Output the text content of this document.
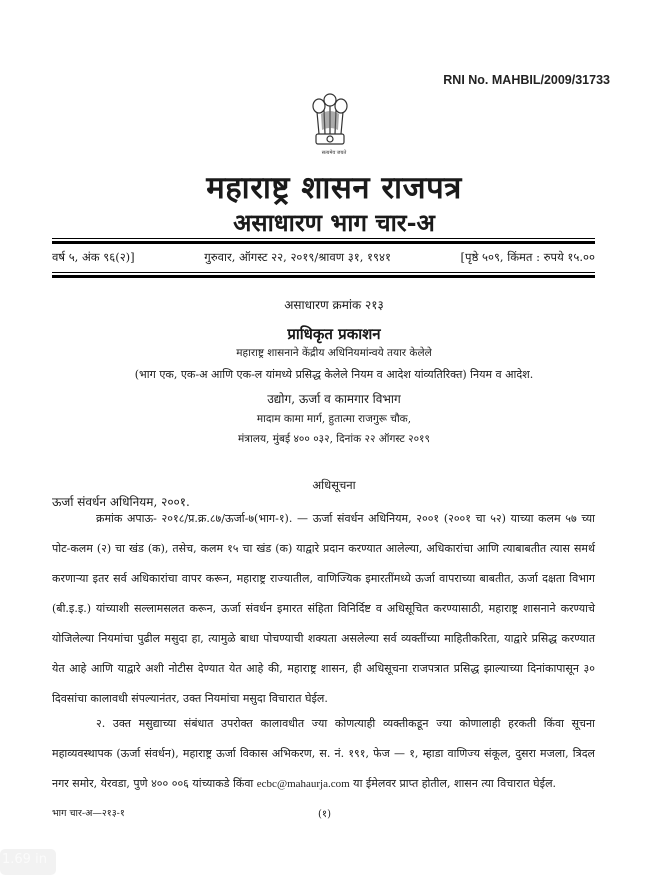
RNI No. MAHBIL/2009/31733
सत्यमेव जयते
महाराष्ट्र शासन राजपत्र
असाधारण भाग चार-अ
वर्ष ५, अंक ९६(२)]	गुरुवार, ऑगस्ट २२, २०१९/श्रावण ३१, १९४१	[पृष्ठे ५०९, किंमत : रुपये १५.००
असाधारण क्रमांक २१३
प्राधिकृत प्रकाशन
महाराष्ट्र शासनाने केंद्रीय अधिनियमांन्वये तयार केलेले
(भाग एक, एक-अ आणि एक-ल यांमध्ये प्रसिद्ध केलेले नियम व आदेश यांव्यतिरिक्त) नियम व आदेश.
उद्योग, ऊर्जा व कामगार विभाग
मादाम कामा मार्ग, हुतात्मा राजगुरू चौक,
मंत्रालय, मुंबई ४०० ०३२, दिनांक २२ ऑगस्ट २०१९
अधिसूचना
ऊर्जा संवर्धन अधिनियम, २००१.
क्रमांक अपाऊ- २०१८/प्र.क्र.८७/ऊर्जा-७(भाग-१). — ऊर्जा संवर्धन अधिनियम, २००१ (२००१ चा ५२) याच्या कलम ५७ च्या पोट-कलम (२) चा खंड (क), तसेच, कलम १५ चा खंड (क) याद्वारे प्रदान करण्यात आलेल्या, अधिकारांचा आणि त्याबाबतीत त्यास समर्थ करणाऱ्या इतर सर्व अधिकारांचा वापर करून, महाराष्ट्र राज्यातील, वाणिज्यिक इमारतींमध्ये ऊर्जा वापराच्या बाबतीत, ऊर्जा दक्षता विभाग (बी.इ.इ.) यांच्याशी सल्लामसलत करून, ऊर्जा संवर्धन इमारत संहिता विनिर्दिष्ट व अधिसूचित करण्यासाठी, महाराष्ट्र शासनाने करण्याचे योजिलेल्या नियमांचा पुढील मसुदा हा, त्यामुळे बाधा पोचण्याची शक्यता असलेल्या सर्व व्यक्तींच्या माहितीकरिता, याद्वारे प्रसिद्ध करण्यात येत आहे आणि याद्वारे अशी नोटीस देण्यात येत आहे की, महाराष्ट्र शासन, ही अधिसूचना राजपत्रात प्रसिद्ध झाल्याच्या दिनांकापासून ३० दिवसांचा कालावधी संपल्यानंतर, उक्त नियमांचा मसुदा विचारात घेईल.
२. उक्त मसुद्याच्या संबंधात उपरोक्त कालावधीत ज्या कोणत्याही व्यक्तीकडून ज्या कोणालाही हरकती किंवा सूचना महाव्यवस्थापक (ऊर्जा संवर्धन), महाराष्ट्र ऊर्जा विकास अभिकरण, स. नं. १९१, फेज — १, म्हाडा वाणिज्य संकूल, दुसरा मजला, त्रिदल नगर समोर, येरवडा, पुणे ४०० ००६ यांच्याकडे किंवा ecbc@mahaurja.com या ईमेलवर प्राप्त होतील, शासन त्या विचारात घेईल.
भाग चार-अ—२१३-१	(१)
1.69 in
